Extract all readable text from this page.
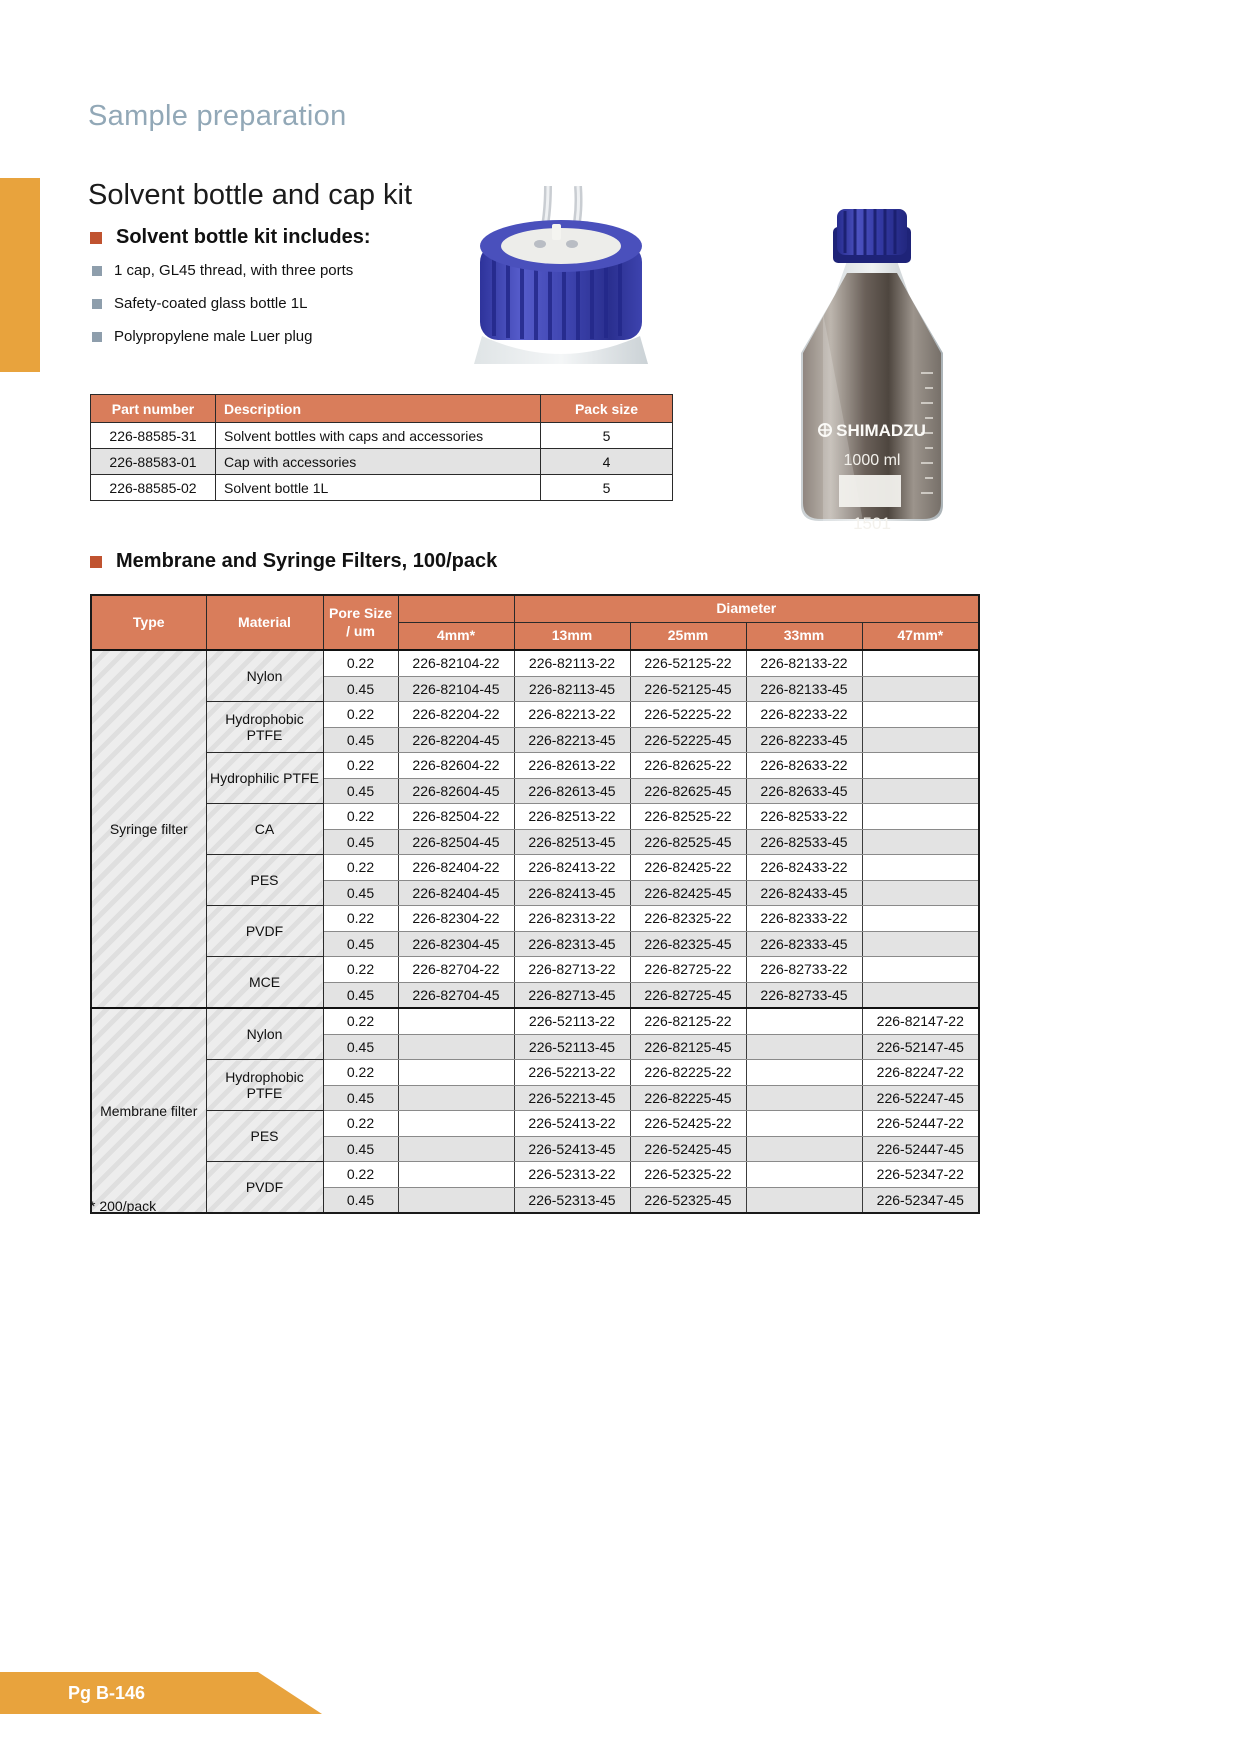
Sample preparation
Solvent bottle and cap kit
Solvent bottle kit includes:
1 cap, GL45 thread, with three ports
Safety-coated glass bottle 1L
Polypropylene male Luer plug
SHIMADZU
1000 ml
1501
Part number	Description	Pack size
226-88585-31	Solvent bottles with caps and accessories	5
226-88583-01	Cap with accessories	4
226-88585-02	Solvent bottle 1L	5
Membrane and Syringe Filters, 100/pack
Type	Material	Pore Size / um		Diameter			
			4mm*	13mm	25mm	33mm	47mm*
Syringe filter	Nylon	0.22	226-82104-22	226-82113-22	226-52125-22	226-82133-22	
		0.45	226-82104-45	226-82113-45	226-52125-45	226-82133-45	
	Hydrophobic PTFE	0.22	226-82204-22	226-82213-22	226-52225-22	226-82233-22	
		0.45	226-82204-45	226-82213-45	226-52225-45	226-82233-45	
	Hydrophilic PTFE	0.22	226-82604-22	226-82613-22	226-82625-22	226-82633-22	
		0.45	226-82604-45	226-82613-45	226-82625-45	226-82633-45	
	CA	0.22	226-82504-22	226-82513-22	226-82525-22	226-82533-22	
		0.45	226-82504-45	226-82513-45	226-82525-45	226-82533-45	
	PES	0.22	226-82404-22	226-82413-22	226-82425-22	226-82433-22	
		0.45	226-82404-45	226-82413-45	226-82425-45	226-82433-45	
	PVDF	0.22	226-82304-22	226-82313-22	226-82325-22	226-82333-22	
		0.45	226-82304-45	226-82313-45	226-82325-45	226-82333-45	
	MCE	0.22	226-82704-22	226-82713-22	226-82725-22	226-82733-22	
		0.45	226-82704-45	226-82713-45	226-82725-45	226-82733-45	
Membrane filter	Nylon	0.22		226-52113-22	226-82125-22		226-82147-22
		0.45		226-52113-45	226-82125-45		226-52147-45
	Hydrophobic PTFE	0.22		226-52213-22	226-82225-22		226-82247-22
		0.45		226-52213-45	226-82225-45		226-52247-45
	PES	0.22		226-52413-22	226-52425-22		226-52447-22
		0.45		226-52413-45	226-52425-45		226-52447-45
	PVDF	0.22		226-52313-22	226-52325-22		226-52347-22
		0.45		226-52313-45	226-52325-45		226-52347-45
* 200/pack
Pg B-146
